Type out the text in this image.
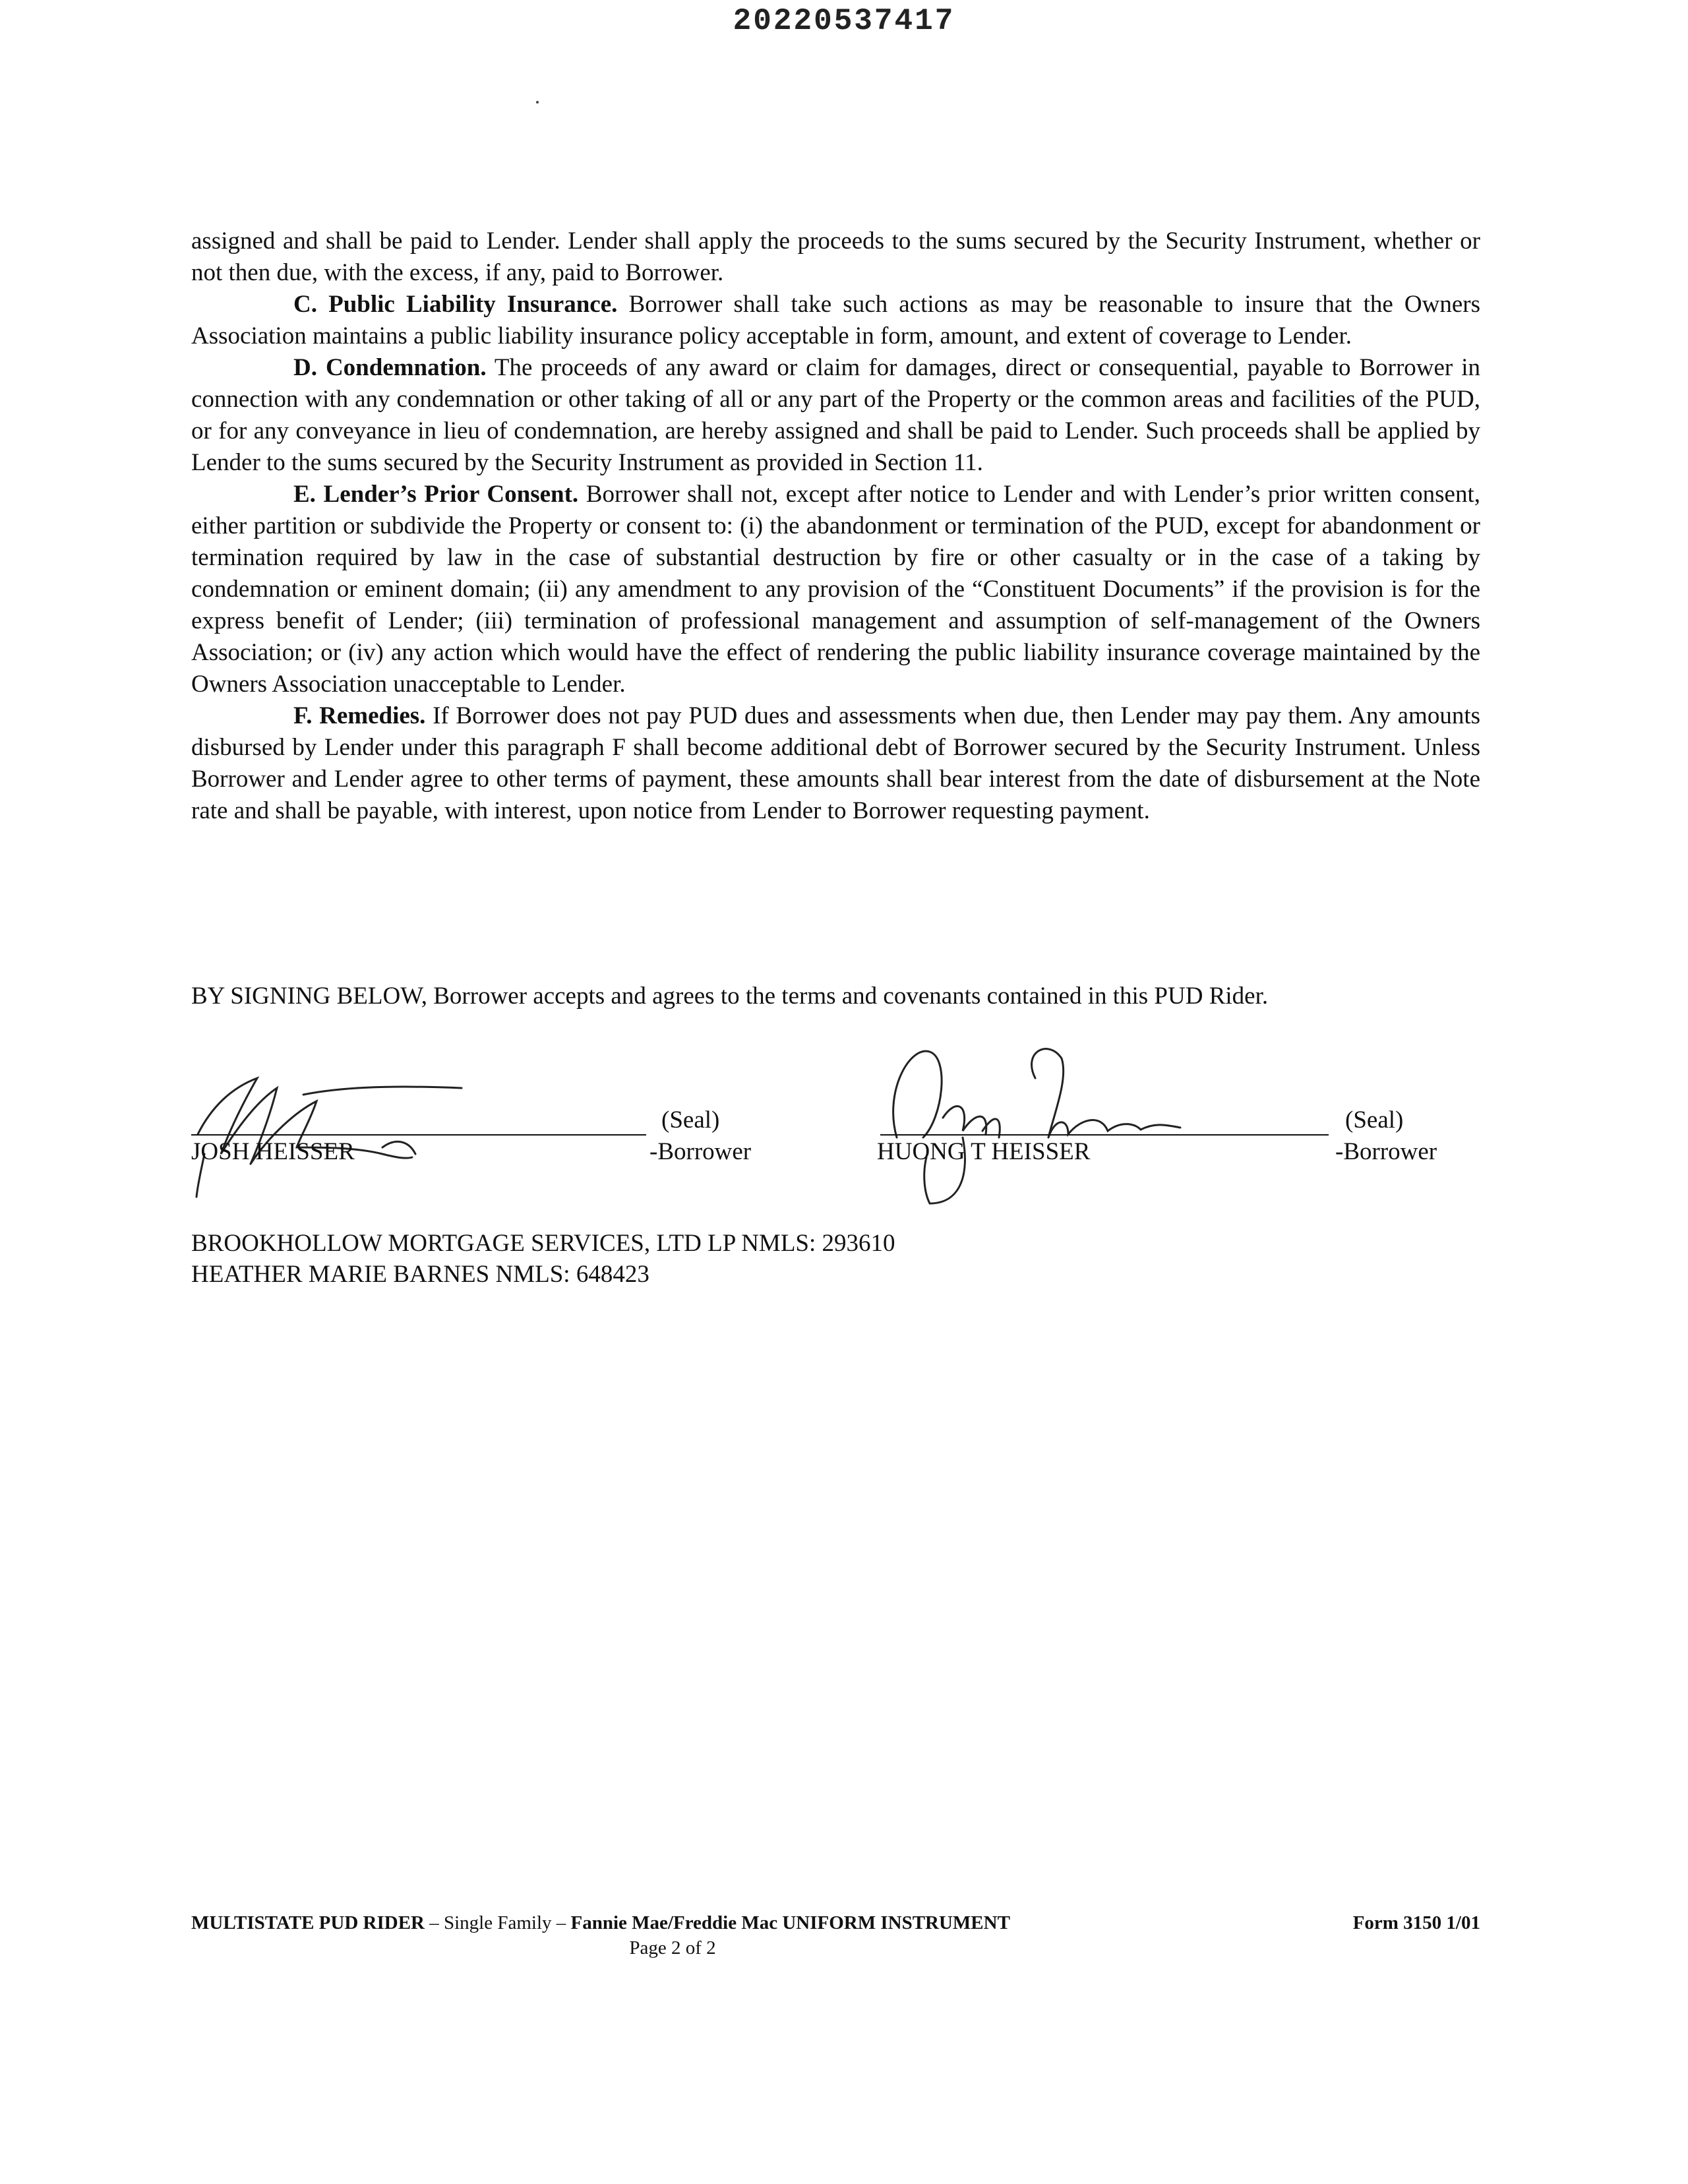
20220537417

assigned and shall be paid to Lender. Lender shall apply the proceeds to the sums secured by the Security Instrument, whether or not then due, with the excess, if any, paid to Borrower.

C. Public Liability Insurance. Borrower shall take such actions as may be reasonable to insure that the Owners Association maintains a public liability insurance policy acceptable in form, amount, and extent of coverage to Lender.

D. Condemnation. The proceeds of any award or claim for damages, direct or consequential, payable to Borrower in connection with any condemnation or other taking of all or any part of the Property or the common areas and facilities of the PUD, or for any conveyance in lieu of condemnation, are hereby assigned and shall be paid to Lender. Such proceeds shall be applied by Lender to the sums secured by the Security Instrument as provided in Section 11.

E. Lender’s Prior Consent. Borrower shall not, except after notice to Lender and with Lender’s prior written consent, either partition or subdivide the Property or consent to: (i) the abandonment or termination of the PUD, except for abandonment or termination required by law in the case of substantial destruction by fire or other casualty or in the case of a taking by condemnation or eminent domain; (ii) any amendment to any provision of the “Constituent Documents” if the provision is for the express benefit of Lender; (iii) termination of professional management and assumption of self-management of the Owners Association; or (iv) any action which would have the effect of rendering the public liability insurance coverage maintained by the Owners Association unacceptable to Lender.

F. Remedies. If Borrower does not pay PUD dues and assessments when due, then Lender may pay them. Any amounts disbursed by Lender under this paragraph F shall become additional debt of Borrower secured by the Security Instrument. Unless Borrower and Lender agree to other terms of payment, these amounts shall bear interest from the date of disbursement at the Note rate and shall be payable, with interest, upon notice from Lender to Borrower requesting payment.

BY SIGNING BELOW, Borrower accepts and agrees to the terms and covenants contained in this PUD Rider.
JOSH HEISSER
(Seal)
-Borrower	HUONG T HEISSER
(Seal)
-Borrower
BROOKHOLLOW MORTGAGE SERVICES, LTD LP NMLS: 293610
HEATHER MARIE BARNES NMLS: 648423
MULTISTATE PUD RIDER – Single Family – Fannie Mae/Freddie Mac UNIFORM INSTRUMENT	Form 3150 1/01
Page 2 of 2
